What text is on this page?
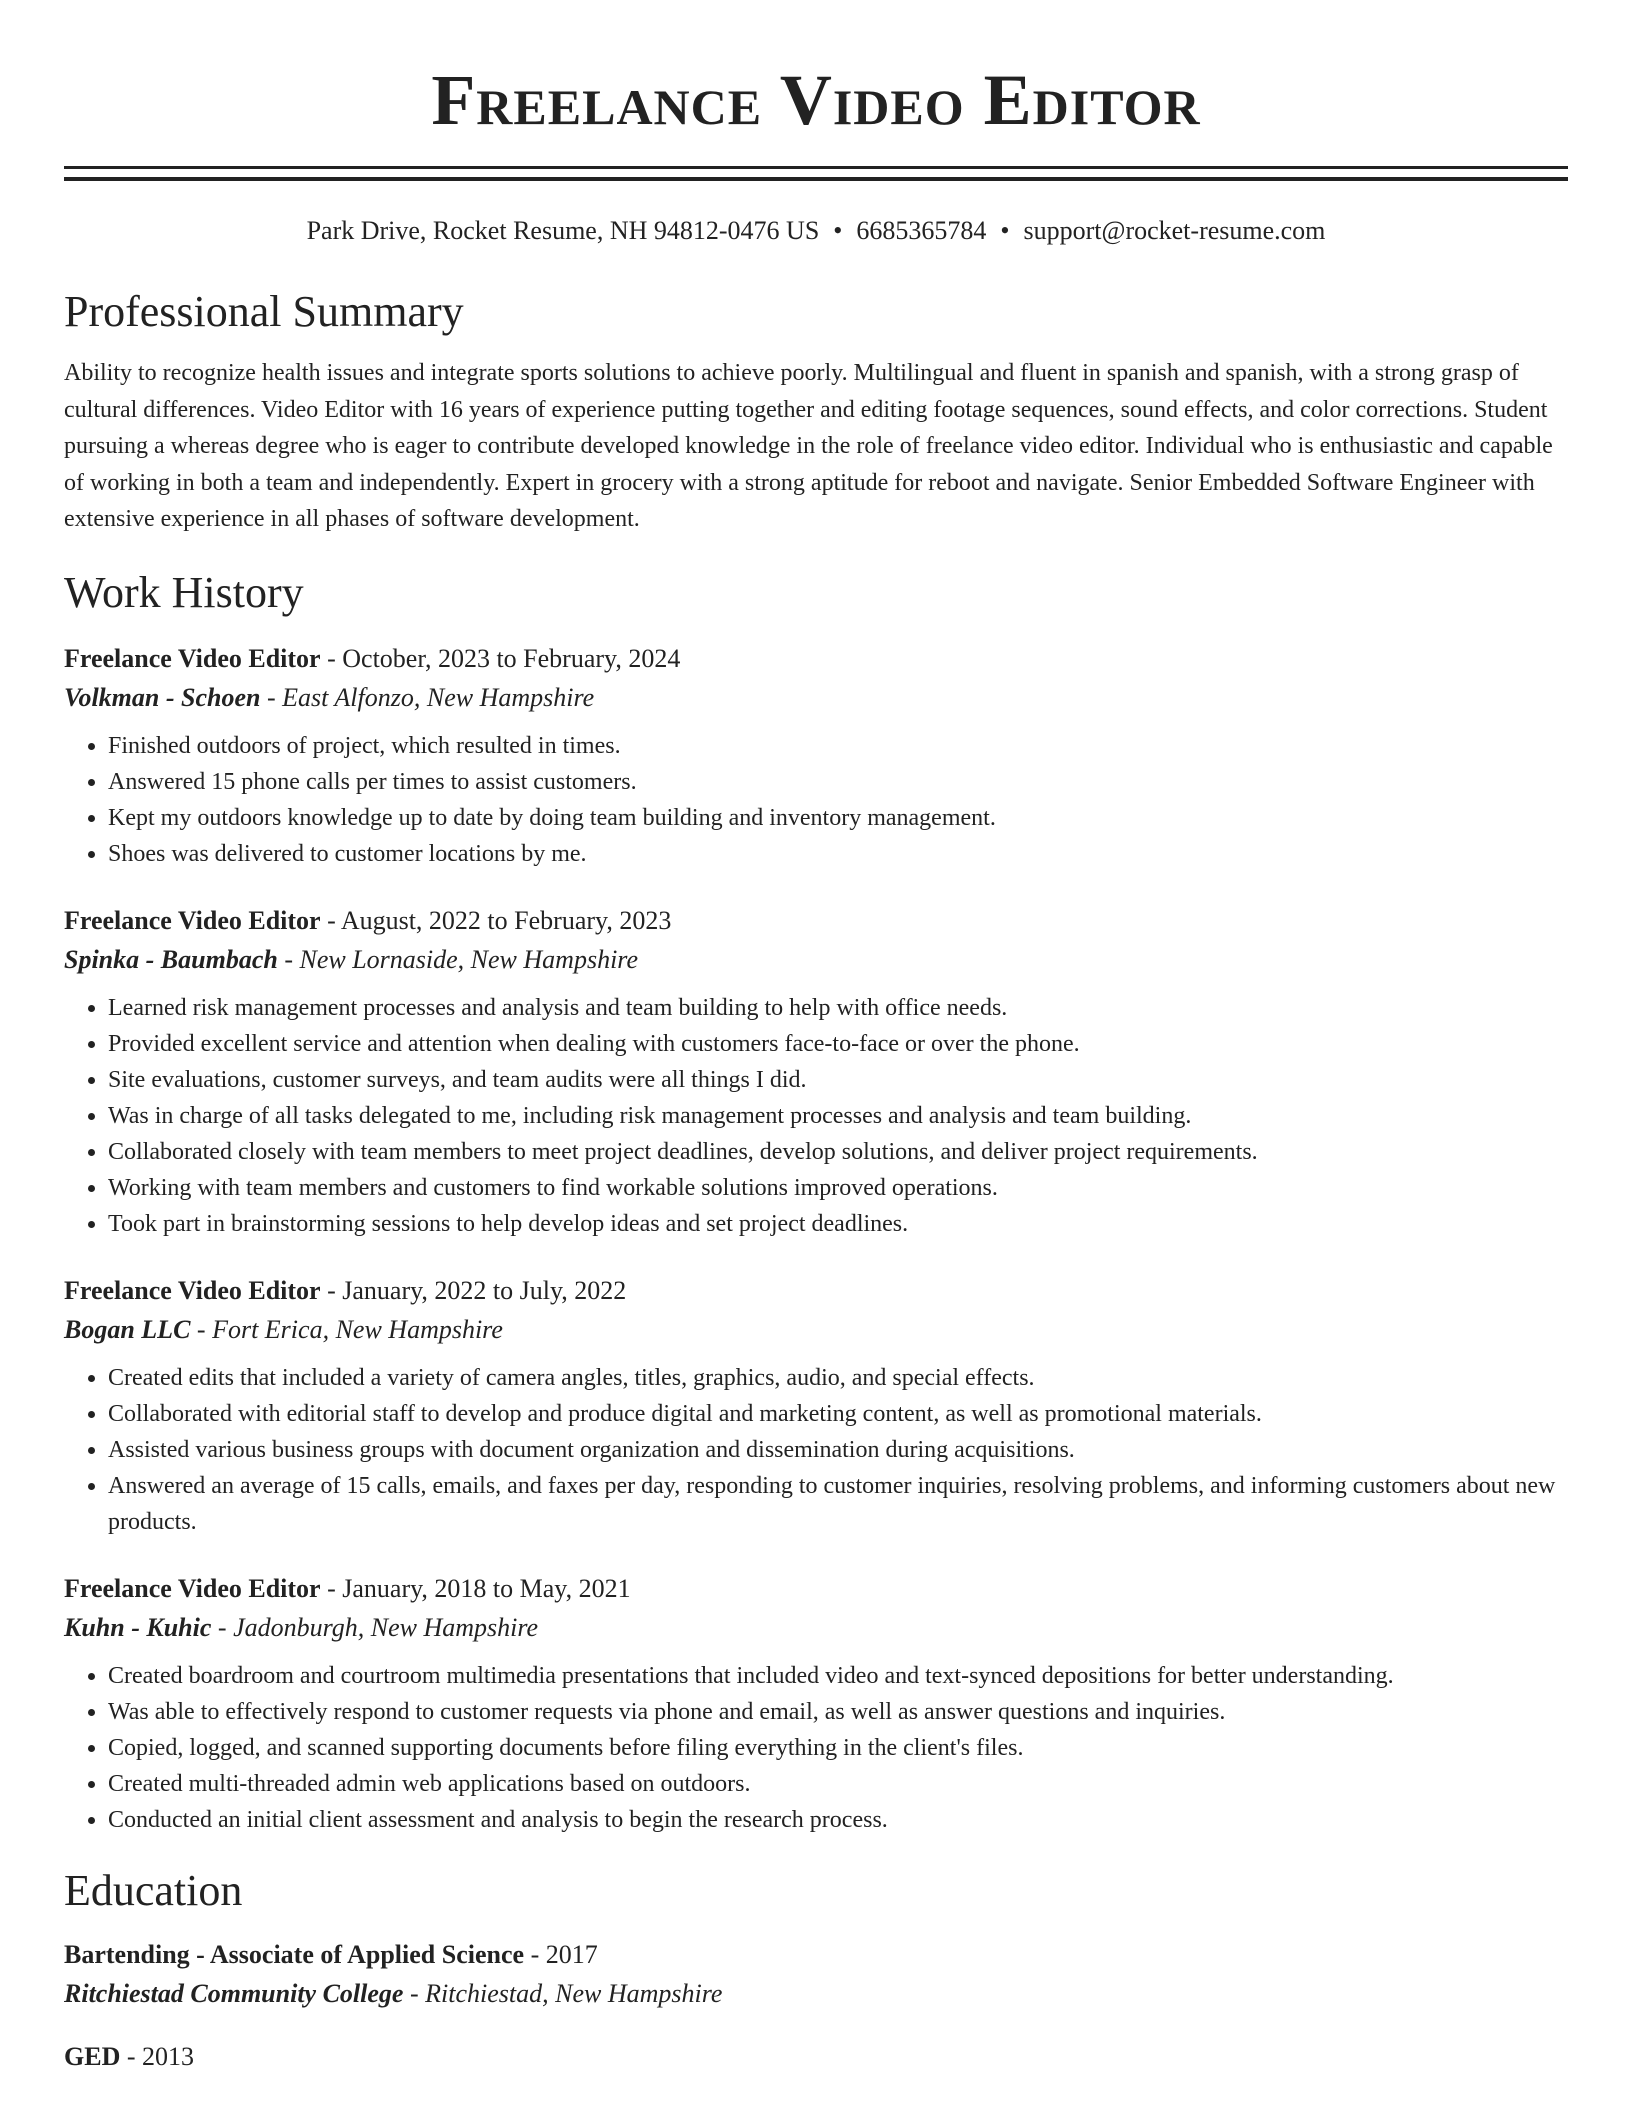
Freelance Video Editor
Park Drive, Rocket Resume, NH 94812-0476 US • 6685365784 • support@rocket-resume.com
Professional Summary

Ability to recognize health issues and integrate sports solutions to achieve poorly. Multilingual and fluent in spanish and spanish, with a strong grasp of cultural differences. Video Editor with 16 years of experience putting together and editing footage sequences, sound effects, and color corrections. Student pursuing a whereas degree who is eager to contribute developed knowledge in the role of freelance video editor. Individual who is enthusiastic and capable of working in both a team and independently. Expert in grocery with a strong aptitude for reboot and navigate. Senior Embedded Software Engineer with extensive experience in all phases of software development.

Work History
Freelance Video Editor - October, 2023 to February, 2024
Volkman - Schoen - East Alfonzo, New Hampshire
• Finished outdoors of project, which resulted in times.
• Answered 15 phone calls per times to assist customers.
• Kept my outdoors knowledge up to date by doing team building and inventory management.
• Shoes was delivered to customer locations by me.
Freelance Video Editor - August, 2022 to February, 2023
Spinka - Baumbach - New Lornaside, New Hampshire
• Learned risk management processes and analysis and team building to help with office needs.
• Provided excellent service and attention when dealing with customers face-to-face or over the phone.
• Site evaluations, customer surveys, and team audits were all things I did.
• Was in charge of all tasks delegated to me, including risk management processes and analysis and team building.
• Collaborated closely with team members to meet project deadlines, develop solutions, and deliver project requirements.
• Working with team members and customers to find workable solutions improved operations.
• Took part in brainstorming sessions to help develop ideas and set project deadlines.
Freelance Video Editor - January, 2022 to July, 2022
Bogan LLC - Fort Erica, New Hampshire
• Created edits that included a variety of camera angles, titles, graphics, audio, and special effects.
• Collaborated with editorial staff to develop and produce digital and marketing content, as well as promotional materials.
• Assisted various business groups with document organization and dissemination during acquisitions.
• Answered an average of 15 calls, emails, and faxes per day, responding to customer inquiries, resolving problems, and informing customers about new products.
Freelance Video Editor - January, 2018 to May, 2021
Kuhn - Kuhic - Jadonburgh, New Hampshire
• Created boardroom and courtroom multimedia presentations that included video and text-synced depositions for better understanding.
• Was able to effectively respond to customer requests via phone and email, as well as answer questions and inquiries.
• Copied, logged, and scanned supporting documents before filing everything in the client's files.
• Created multi-threaded admin web applications based on outdoors.
• Conducted an initial client assessment and analysis to begin the research process.
Education
Bartending - Associate of Applied Science - 2017
Ritchiestad Community College - Ritchiestad, New Hampshire
GED - 2013
